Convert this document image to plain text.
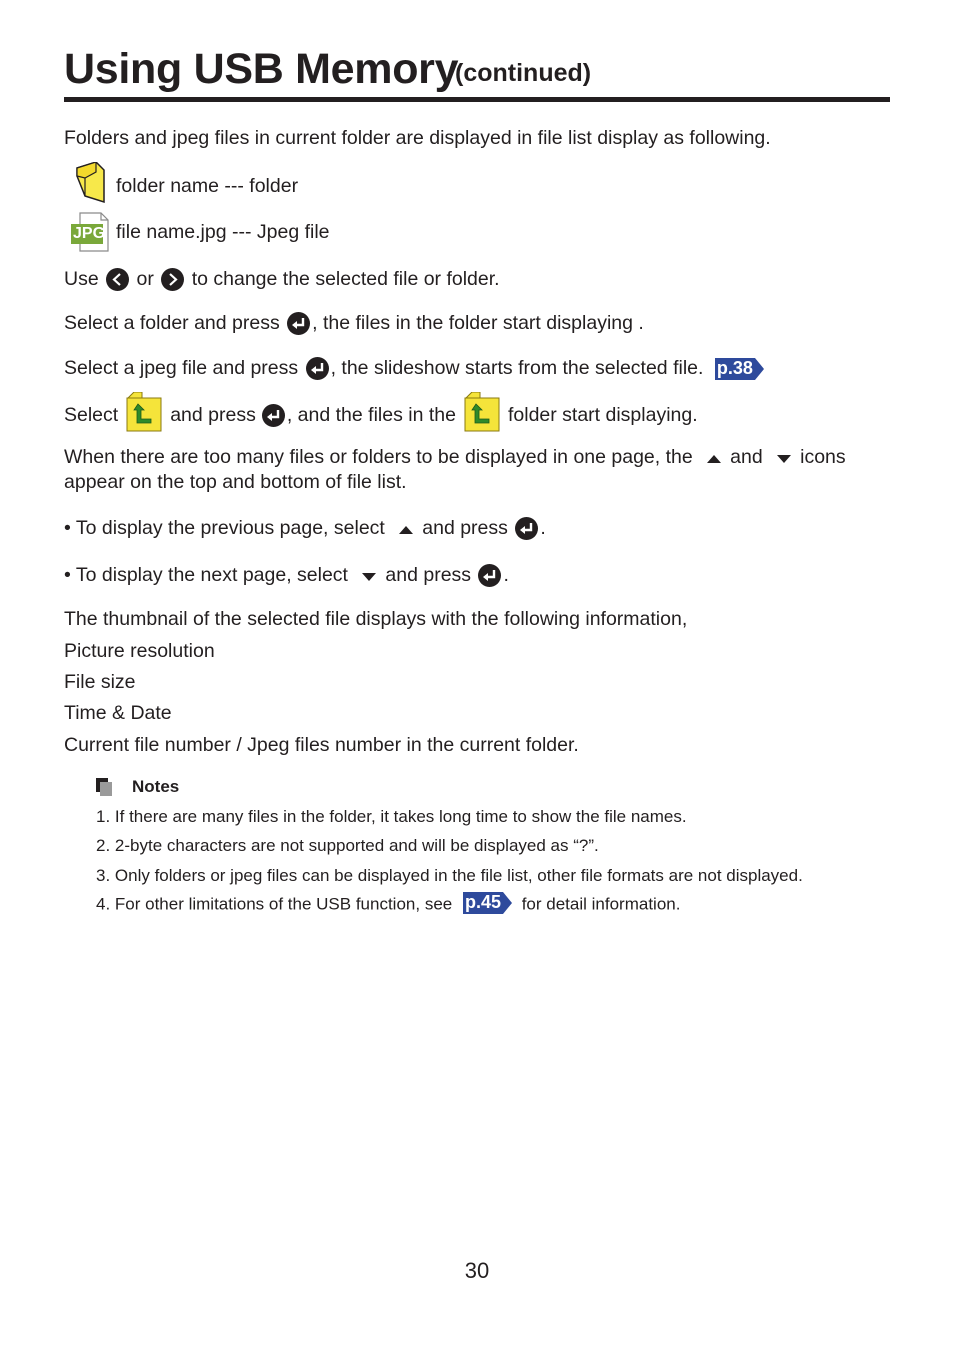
Using USB Memory
(continued)
Folders and jpeg files in current folder are displayed in file list display as following.
folder name --- folder
JPG file name.jpg --- Jpeg file
Use or to change the selected file or folder.
Select a folder and press , the files in the folder start displaying .
Select a jpeg file and press , the slideshow starts from the selected file. p.38
Select	and press , and the files in the	folder start displaying.
When there are too many files or folders to be displayed in one page, the and icons
appear on the top and bottom of file list.
• To display the previous page, select and press .
• To display the next page, select and press .
The thumbnail of the selected file displays with the following information,
Picture resolution
File size
Time & Date
Current file number / Jpeg files number in the current folder.
Notes
1. If there are many files in the folder, it takes long time to show the file names.
2. 2-byte characters are not supported and will be displayed as “?”.
3. Only folders or jpeg files can be displayed in the file list, other file formats are not displayed.
4. For other limitations of the USB function, see p.45 for detail information.
30
